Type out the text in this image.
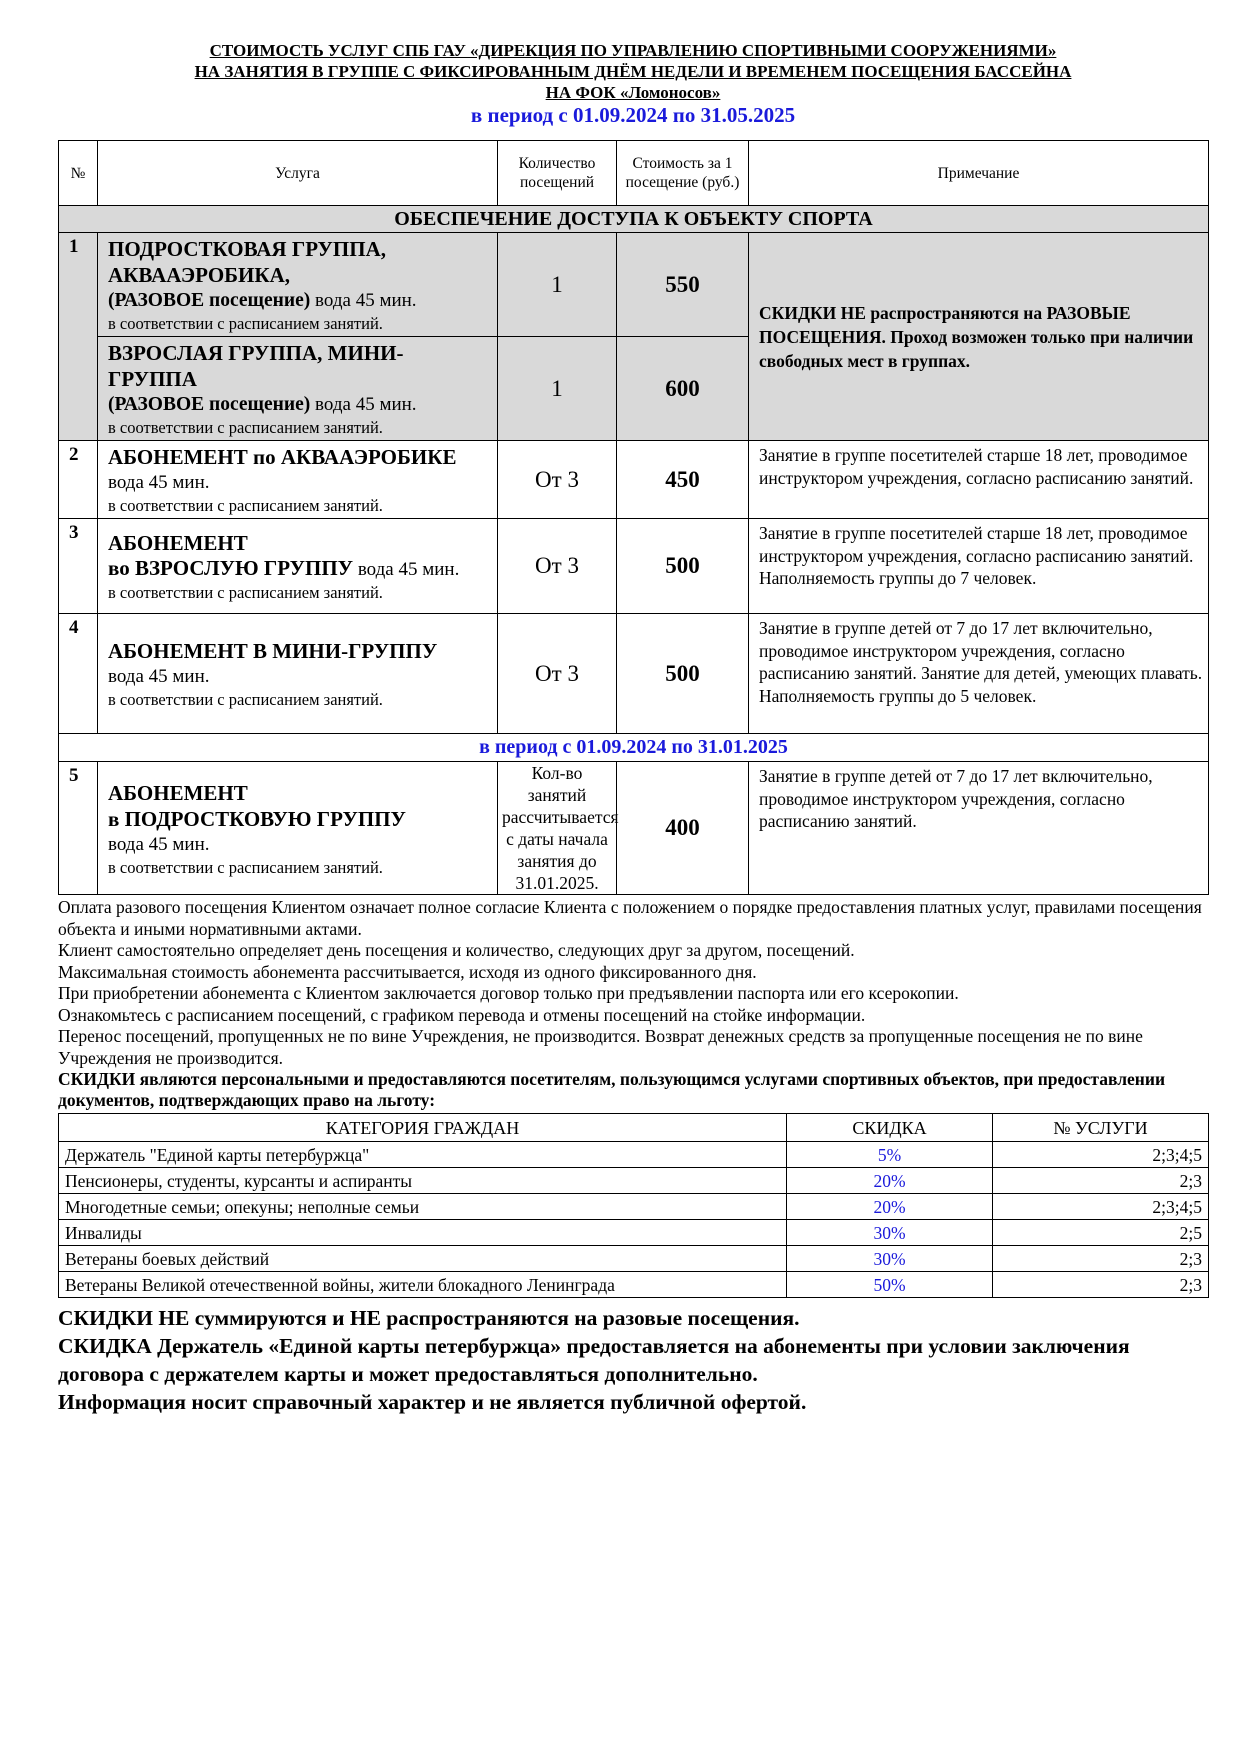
СТОИМОСТЬ УСЛУГ СПБ ГАУ «ДИРЕКЦИЯ ПО УПРАВЛЕНИЮ СПОРТИВНЫМИ СООРУЖЕНИЯМИ»
НА ЗАНЯТИЯ В ГРУППЕ С ФИКСИРОВАННЫМ ДНЁМ НЕДЕЛИ И ВРЕМЕНЕМ ПОСЕЩЕНИЯ БАССЕЙНА
НА ФОК «Ломоносов»
в период с 01.09.2024 по 31.05.2025
№	Услуга	Количество посещений	Стоимость за 1 посещение (руб.)	Примечание
ОБЕСПЕЧЕНИЕ ДОСТУПА К ОБЪЕКТУ СПОРТА				
1	ПОДРОСТКОВАЯ ГРУППА,
АКВААЭРОБИКА,
(РАЗОВОЕ посещение) вода 45 мин.
в соответствии с расписанием занятий.	1	550	СКИДКИ НЕ распространяются на РАЗОВЫЕ ПОСЕЩЕНИЯ. Проход возможен только при наличии свободных мест в группах.

	ВЗРОСЛАЯ ГРУППА, МИНИ-ГРУППА
(РАЗОВОЕ посещение) вода 45 мин.
в соответствии с расписанием занятий.	1	600	
2	АБОНЕМЕНТ по АКВААЭРОБИКЕ
вода 45 мин.
в соответствии с расписанием занятий.	От 3	450	Занятие в группе посетителей старше 18 лет, проводимое инструктором учреждения, согласно расписанию занятий.
3	АБОНЕМЕНТ
во ВЗРОСЛУЮ ГРУППУ вода 45 мин.
в соответствии с расписанием занятий.	От 3	500	Занятие в группе посетителей старше 18 лет, проводимое инструктором учреждения, согласно расписанию занятий. Наполняемость группы до 7 человек.
4	АБОНЕМЕНТ В МИНИ-ГРУППУ
вода 45 мин.
в соответствии с расписанием занятий.	От 3	500	Занятие в группе детей от 7 до 17 лет включительно, проводимое инструктором учреждения, согласно расписанию занятий. Занятие для детей, умеющих плавать. Наполняемость группы до 5 человек.
в период с 01.09.2024 по 31.01.2025				
5	АБОНЕМЕНТ
в ПОДРОСТКОВУЮ ГРУППУ
вода 45 мин.
в соответствии с расписанием занятий.	Кол-во занятий рассчитывается с даты начала занятия до 31.01.2025.	400	Занятие в группе детей от 7 до 17 лет включительно, проводимое инструктором учреждения, согласно расписанию занятий.

Оплата разового посещения Клиентом означает полное согласие Клиента с положением о порядке предоставления платных услуг, правилами посещения объекта и иными нормативными актами.

Клиент самостоятельно определяет день посещения и количество, следующих друг за другом, посещений.

Максимальная стоимость абонемента рассчитывается, исходя из одного фиксированного дня.

При приобретении абонемента с Клиентом заключается договор только при предъявлении паспорта или его ксерокопии.

Ознакомьтесь с расписанием посещений, с графиком перевода и отмены посещений на стойке информации.

Перенос посещений, пропущенных не по вине Учреждения, не производится. Возврат денежных средств за пропущенные посещения не по вине Учреждения не производится.

СКИДКИ являются персональными и предоставляются посетителям, пользующимся услугами спортивных объектов, при предоставлении документов, подтверждающих право на льготу:

КАТЕГОРИЯ ГРАЖДАН	СКИДКА	№ УСЛУГИ
Держатель "Единой карты петербуржца"	5%	2;3;4;5
Пенсионеры, студенты, курсанты и аспиранты	20%	2;3
Многодетные семьи; опекуны; неполные семьи	20%	2;3;4;5
Инвалиды	30%	2;5
Ветераны боевых действий	30%	2;3
Ветераны Великой отечественной войны, жители блокадного Ленинграда	50%	2;3
СКИДКИ НЕ суммируются и НЕ распространяются на разовые посещения.
СКИДКА Держатель «Единой карты петербуржца» предоставляется на абонементы при условии заключения договора с держателем карты и может предоставляться дополнительно.
Информация носит справочный характер и не является публичной офертой.
